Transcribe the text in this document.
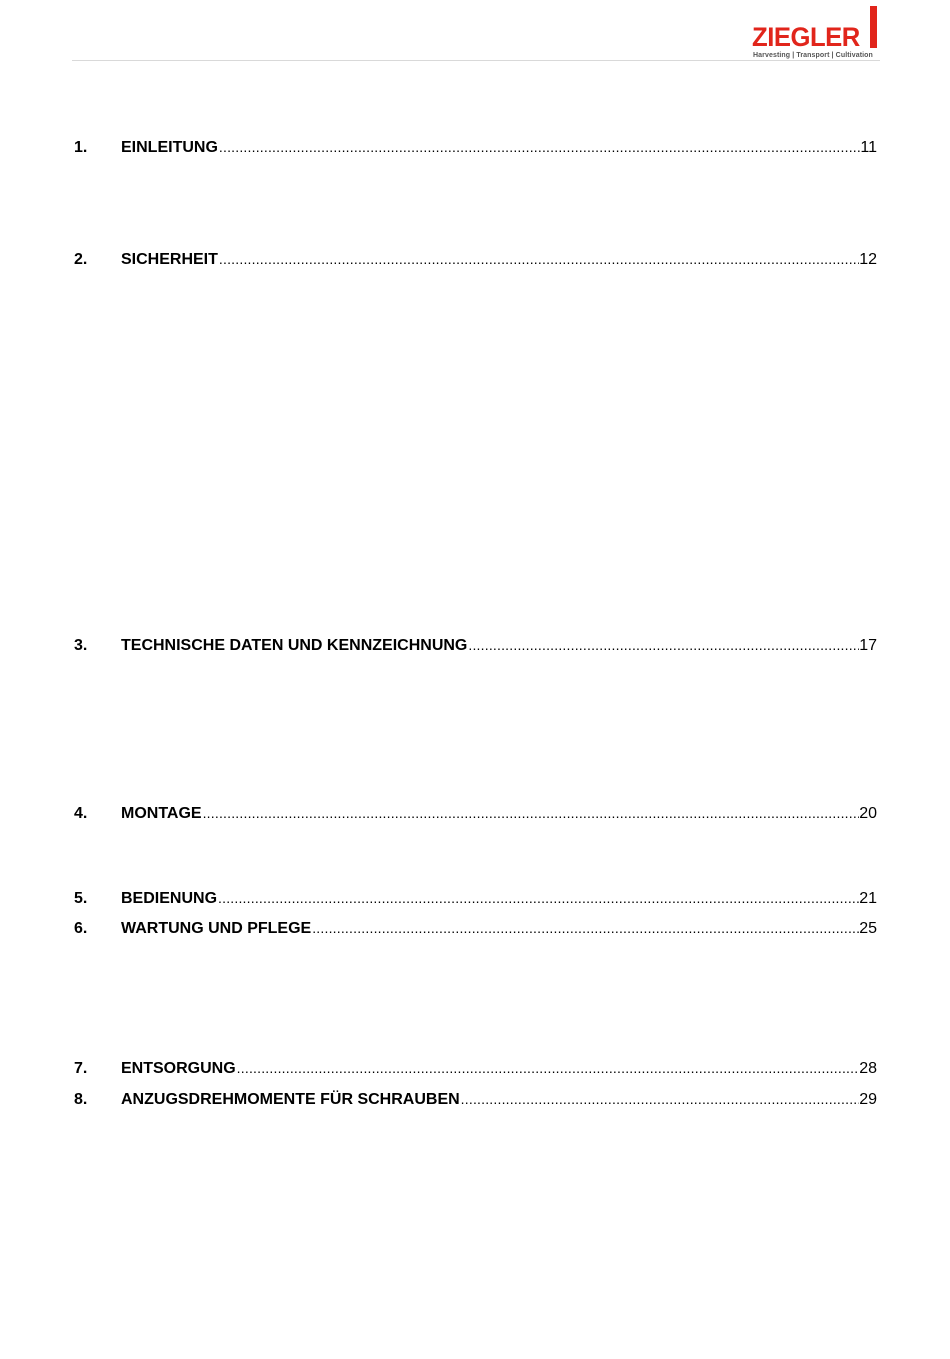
ZIEGLER
Harvesting | Transport | Cultivation
1.	EINLEITUNG .....	11
2.	SICHERHEIT .....	12
3.	TECHNISCHE DATEN UND KENNZEICHNUNG .....	17
4.	MONTAGE .....	20
5.	BEDIENUNG .....	21
6.	WARTUNG UND PFLEGE .....	25
7.	ENTSORGUNG .....	28
8.	ANZUGSDREHMOMENTE FÜR SCHRAUBEN .....	29
